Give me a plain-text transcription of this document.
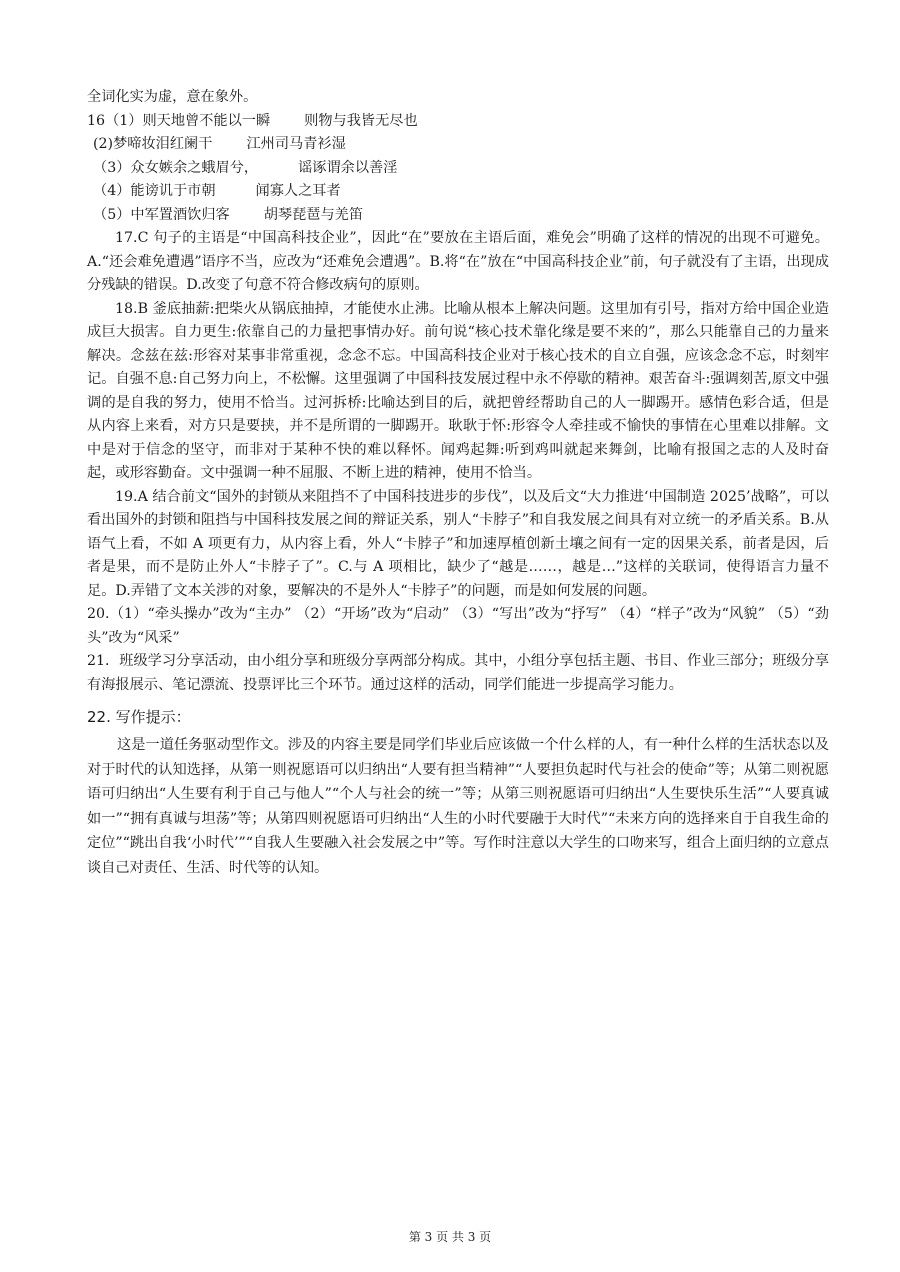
全词化实为虚，意在象外。
16（1）则天地曾不能以一瞬 则物与我皆无尽也
(2)梦啼妆泪红阑干 江州司马青衫湿
（3）众女嫉余之蛾眉兮，	谣诼谓余以善淫
（4）能谤讥于市朝	闻寡人之耳者
（5）中军置酒饮归客 胡琴琵琶与羌笛
17.C 句子的主语是“中国高科技企业”，因此“在”要放在主语后面，难免会”明确了这样的情况的出现不可避免。A.“还会难免遭遇”语序不当，应改为“还难免会遭遇”。B.将“在”放在“中国高科技企业”前，句子就没有了主语，出现成分残缺的错误。D.改变了句意不符合修改病句的原则。
18.B 釜底抽薪:把柴火从锅底抽掉，才能使水止沸。比喻从根本上解决问题。这里加有引号，指对方给中国企业造成巨大损害。自力更生:依靠自己的力量把事情办好。前句说“核心技术靠化缘是要不来的”，那么只能靠自己的力量来解决。念兹在兹:形容对某事非常重视，念念不忘。中国高科技企业对于核心技术的自立自强，应该念念不忘，时刻牢记。自强不息:自己努力向上，不松懈。这里强调了中国科技发展过程中永不停歇的精神。艰苦奋斗:强调刻苦,原文中强调的是自我的努力，使用不恰当。过河拆桥:比喻达到目的后，就把曾经帮助自己的人一脚踢开。感情色彩合适，但是从内容上来看，对方只是要挟，并不是所谓的一脚踢开。耿耿于怀:形容令人牵挂或不愉快的事情在心里难以排解。文中是对于信念的坚守，而非对于某种不快的难以释怀。闻鸡起舞:听到鸡叫就起来舞剑，比喻有报国之志的人及时奋起，或形容勤奋。文中强调一种不屈服、不断上进的精神，使用不恰当。
19.A 结合前文“国外的封锁从来阻挡不了中国科技进步的步伐”，以及后文“大力推进‘中国制造 2025’战略”，可以看出国外的封锁和阻挡与中国科技发展之间的辩证关系，别人“卡脖子”和自我发展之间具有对立统一的矛盾关系。B.从语气上看，不如 A 项更有力，从内容上看，外人“卡脖子”和加速厚植创新土壤之间有一定的因果关系，前者是因，后者是果，而不是防止外人“卡脖子了”。C.与 A 项相比，缺少了“越是……，越是…”这样的关联词，使得语言力量不足。D.弄错了文本关涉的对象，要解决的不是外人“卡脖子”的问题，而是如何发展的问题。
20.（1）“牵头操办”改为“主办” （2）“开场”改为“启动” （3）“写出”改为“抒写” （4）“样子”改为“风貌” （5）“劲头”改为“风采”
21．班级学习分享活动，由小组分享和班级分享两部分构成。其中，小组分享包括主题、书目、作业三部分；班级分享有海报展示、笔记漂流、投票评比三个环节。通过这样的活动，同学们能进一步提高学习能力。
22. 写作提示：
这是一道任务驱动型作文。涉及的内容主要是同学们毕业后应该做一个什么样的人，有一种什么样的生活状态以及对于时代的认知选择，从第一则祝愿语可以归纳出“人要有担当精神”“人要担负起时代与社会的使命”等；从第二则祝愿语可归纳出“人生要有利于自己与他人”“个人与社会的统一”等；从第三则祝愿语可归纳出“人生要快乐生活”“人要真诚如一”“拥有真诚与坦荡”等；从第四则祝愿语可归纳出“人生的小时代要融于大时代”“未来方向的选择来自于自我生命的定位”“跳出自我‘小时代’”“自我人生要融入社会发展之中”等。写作时注意以大学生的口吻来写，组合上面归纳的立意点谈自己对责任、生活、时代等的认知。
第 3 页 共 3 页
